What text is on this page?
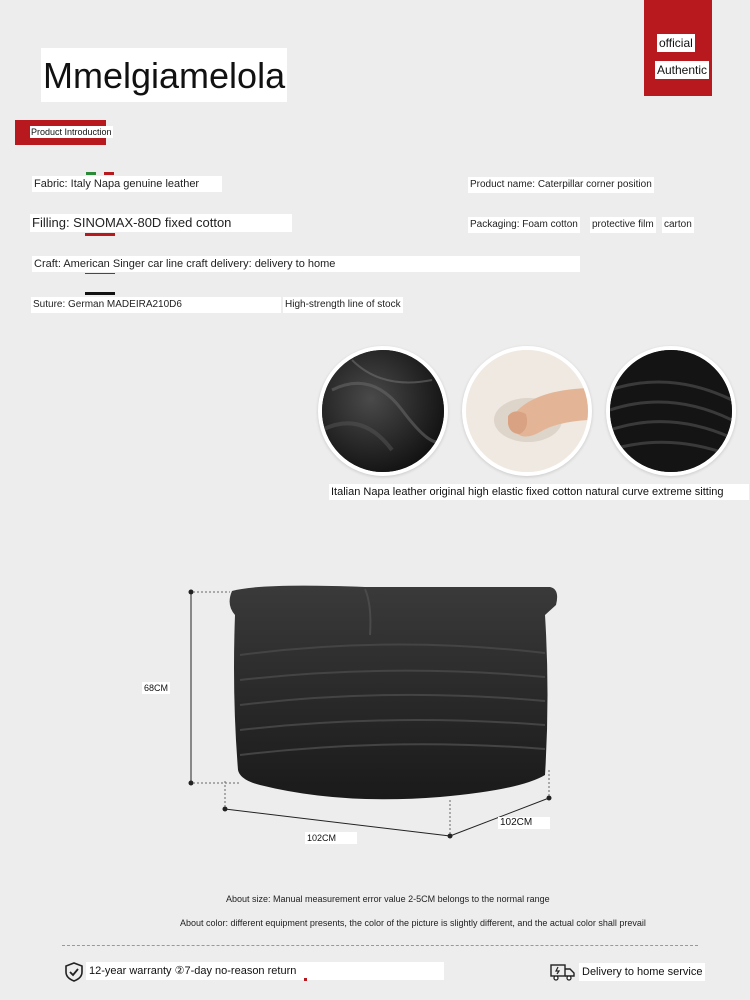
Mmelgiamelola
official
Authentic
Product Introduction
Fabric: Italy Napa genuine leather	Product name: Caterpillar corner position
Filling: SINOMAX-80D fixed cotton	Packaging: Foam cotton protective film carton
Craft: American Singer car line craft delivery: delivery to home
Suture: German MADEIRA210D6	High-strength line of stock
Italian Napa leather original high elastic fixed cotton natural curve extreme sitting
68CM
102CM
102CM
About size: Manual measurement error value 2-5CM belongs to the normal range
About color: different equipment presents, the color of the picture is slightly different, and the actual color shall prevail
12-year warranty ②7-day no-reason return	Delivery to home service
